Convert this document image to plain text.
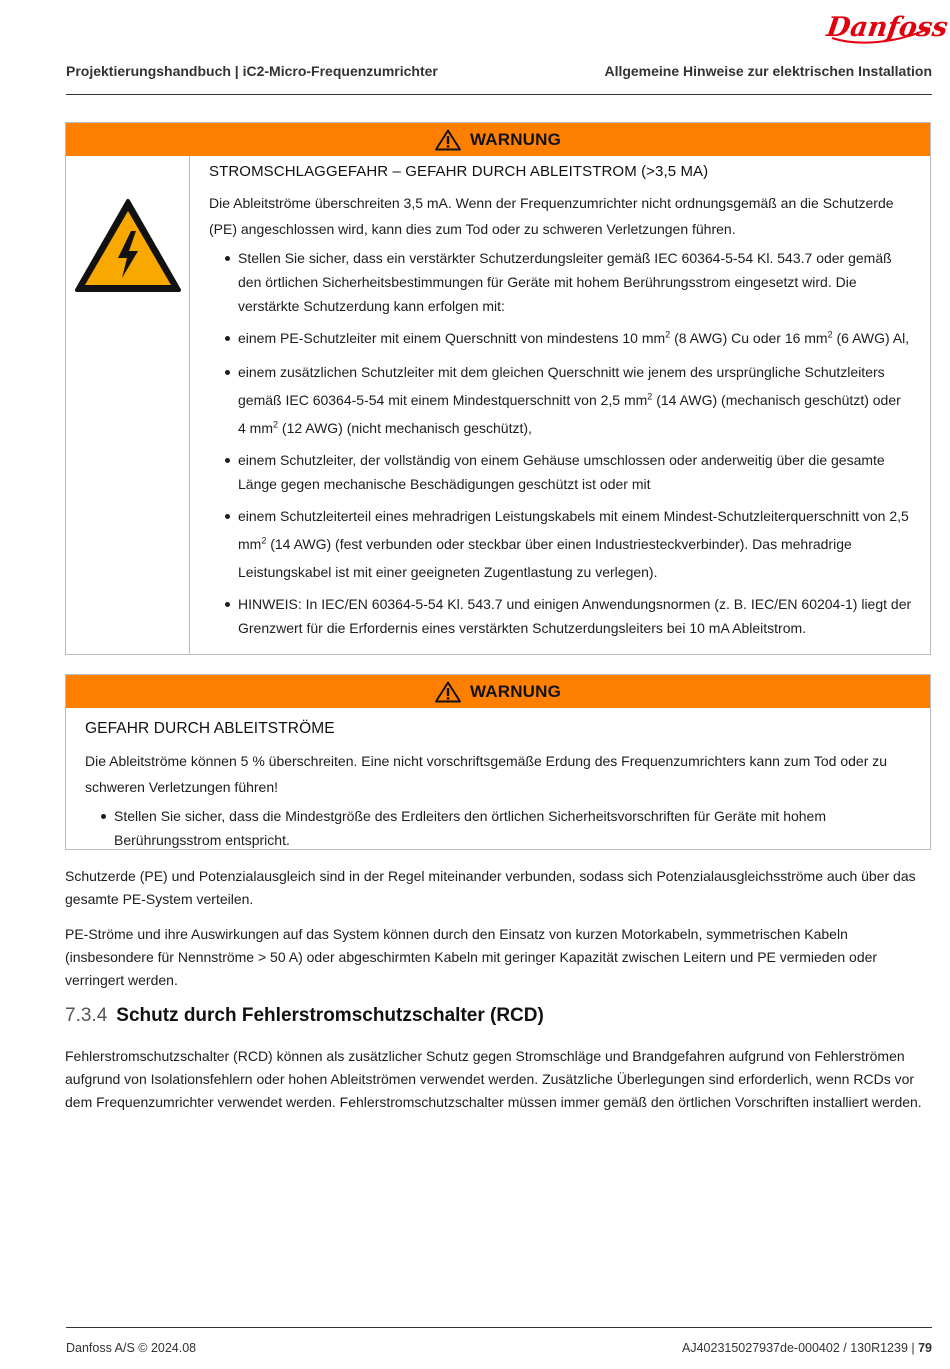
Danfoss
Projektierungshandbuch | iC2-Micro-Frequenzumrichter	Allgemeine Hinweise zur elektrischen Installation
WARNUNG
STROMSCHLAGGEFAHR – GEFAHR DURCH ABLEITSTROM (>3,5 MA)

Die Ableitströme überschreiten 3,5 mA. Wenn der Frequenzumrichter nicht ordnungsgemäß an die Schutzerde (PE) angeschlossen wird, kann dies zum Tod oder zu schweren Verletzungen führen.

Stellen Sie sicher, dass ein verstärkter Schutzerdungsleiter gemäß IEC 60364-5-54 Kl. 543.7 oder gemäß den örtlichen Sicherheitsbestimmungen für Geräte mit hohem Berührungsstrom eingesetzt wird. Die verstärkte Schutzerdung kann erfolgen mit:
einem PE-Schutzleiter mit einem Querschnitt von mindestens 10 $mm^2$ (8 AWG) Cu oder 16 $mm^2$ (6 AWG) Al,
einem zusätzlichen Schutzleiter mit dem gleichen Querschnitt wie jenem des ursprüngliche Schutzleiters gemäß IEC 60364-5-54 mit einem Mindestquerschnitt von 2,5 $mm^2$ (14 AWG) (mechanisch geschützt) oder 4 $mm^2$ (12 AWG) (nicht mechanisch geschützt),
einem Schutzleiter, der vollständig von einem Gehäuse umschlossen oder anderweitig über die gesamte Länge gegen mechanische Beschädigungen geschützt ist oder mit
einem Schutzleiterteil eines mehradrigen Leistungskabels mit einem Mindest-Schutzleiterquerschnitt von 2,5 $mm^2$ (14 AWG) (fest verbunden oder steckbar über einen Industriesteckverbinder). Das mehradrige Leistungskabel ist mit einer geeigneten Zugentlastung zu verlegen).
HINWEIS: In IEC/EN 60364-5-54 Kl. 543.7 und einigen Anwendungsnormen (z. B. IEC/EN 60204-1) liegt der Grenzwert für die Erfordernis eines verstärkten Schutzerdungsleiters bei 10 mA Ableitstrom.
WARNUNG
GEFAHR DURCH ABLEITSTRÖME

Die Ableitströme können 5 % überschreiten. Eine nicht vorschriftsgemäße Erdung des Frequenzumrichters kann zum Tod oder zu schweren Verletzungen führen!

Stellen Sie sicher, dass die Mindestgröße des Erdleiters den örtlichen Sicherheitsvorschriften für Geräte mit hohem Berührungsstrom entspricht.

Schutzerde (PE) und Potenzialausgleich sind in der Regel miteinander verbunden, sodass sich Potenzialausgleichsströme auch über das gesamte PE-System verteilen.

PE-Ströme und ihre Auswirkungen auf das System können durch den Einsatz von kurzen Motorkabeln, symmetrischen Kabeln (insbesondere für Nennströme > 50 A) oder abgeschirmten Kabeln mit geringer Kapazität zwischen Leitern und PE vermieden oder verringert werden.

7.3.4 Schutz durch Fehlerstromschutzschalter (RCD)

Fehlerstromschutzschalter (RCD) können als zusätzlicher Schutz gegen Stromschläge und Brandgefahren aufgrund von Fehlerströmen aufgrund von Isolationsfehlern oder hohen Ableitströmen verwendet werden. Zusätzliche Überlegungen sind erforderlich, wenn RCDs vor dem Frequenzumrichter verwendet werden. Fehlerstromschutzschalter müssen immer gemäß den örtlichen Vorschriften installiert werden.

Danfoss A/S © 2024.08	AJ402315027937de-000402 / 130R1239 | 79
